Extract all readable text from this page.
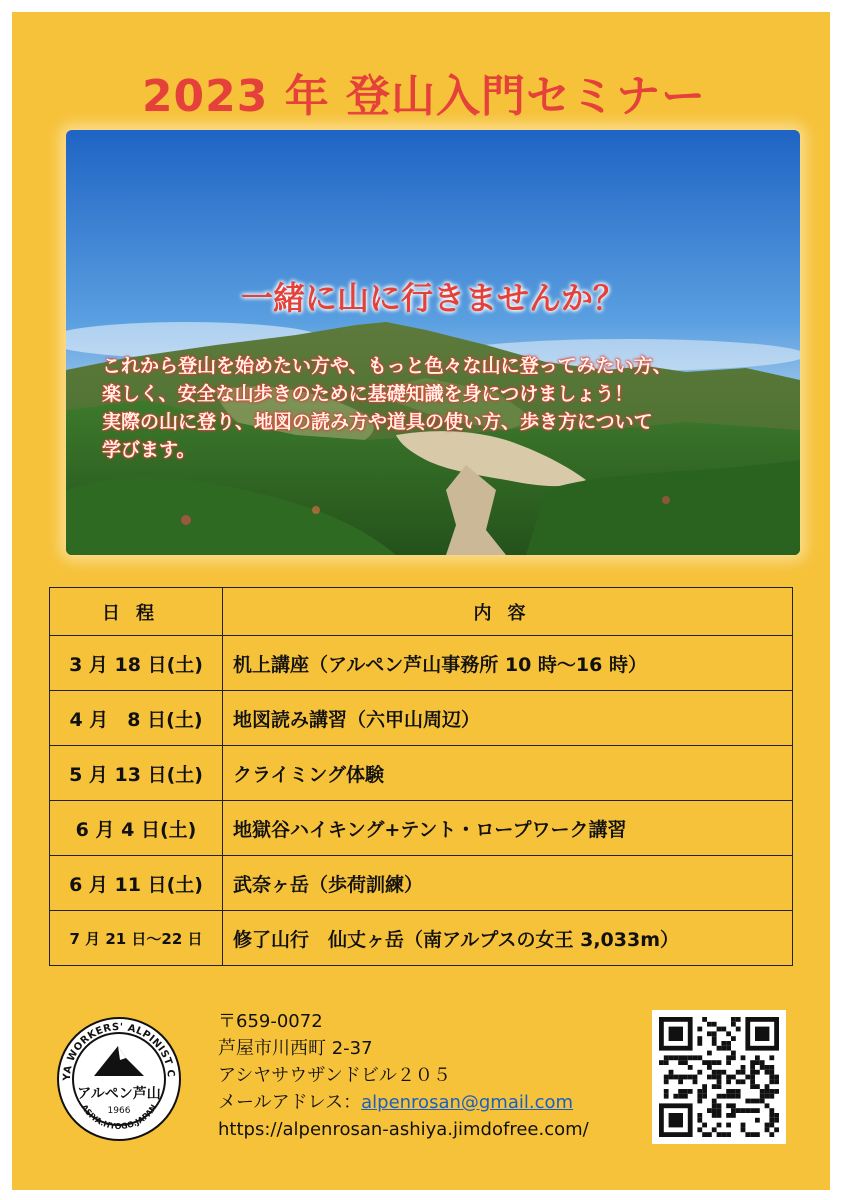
2023 年 登山入門セミナー
一緒に山に行きませんか？
これから登山を始めたい方や、もっと色々な山に登ってみたい方、
楽しく、安全な山歩きのために基礎知識を身につけましょう！
実際の山に登り、地図の読み方や道具の使い方、歩き方について
学びます。
日程	内容
3 月 18 日(土)	机上講座（アルペン芦山事務所 10 時～16 時）
4 月　8 日(土)	地図読み講習（六甲山周辺）
5 月 13 日(土)	クライミング体験
6 月 4 日(土)	地獄谷ハイキング+テント・ロープワーク講習
6 月 11 日(土)	武奈ヶ岳（歩荷訓練）
7 月 21 日～22 日	修了山行　仙丈ヶ岳（南アルプスの女王 3,033m）
YA WORKERS' ALPINIST C
ASIYA.HYOGO.JAPAN
アルペン芦山
1966
〒659-0072
芦屋市川西町 2-37
アシヤサウザンドビル２０５
メールアドレス：alpenrosan@gmail.com
https://alpenrosan-ashiya.jimdofree.com/
